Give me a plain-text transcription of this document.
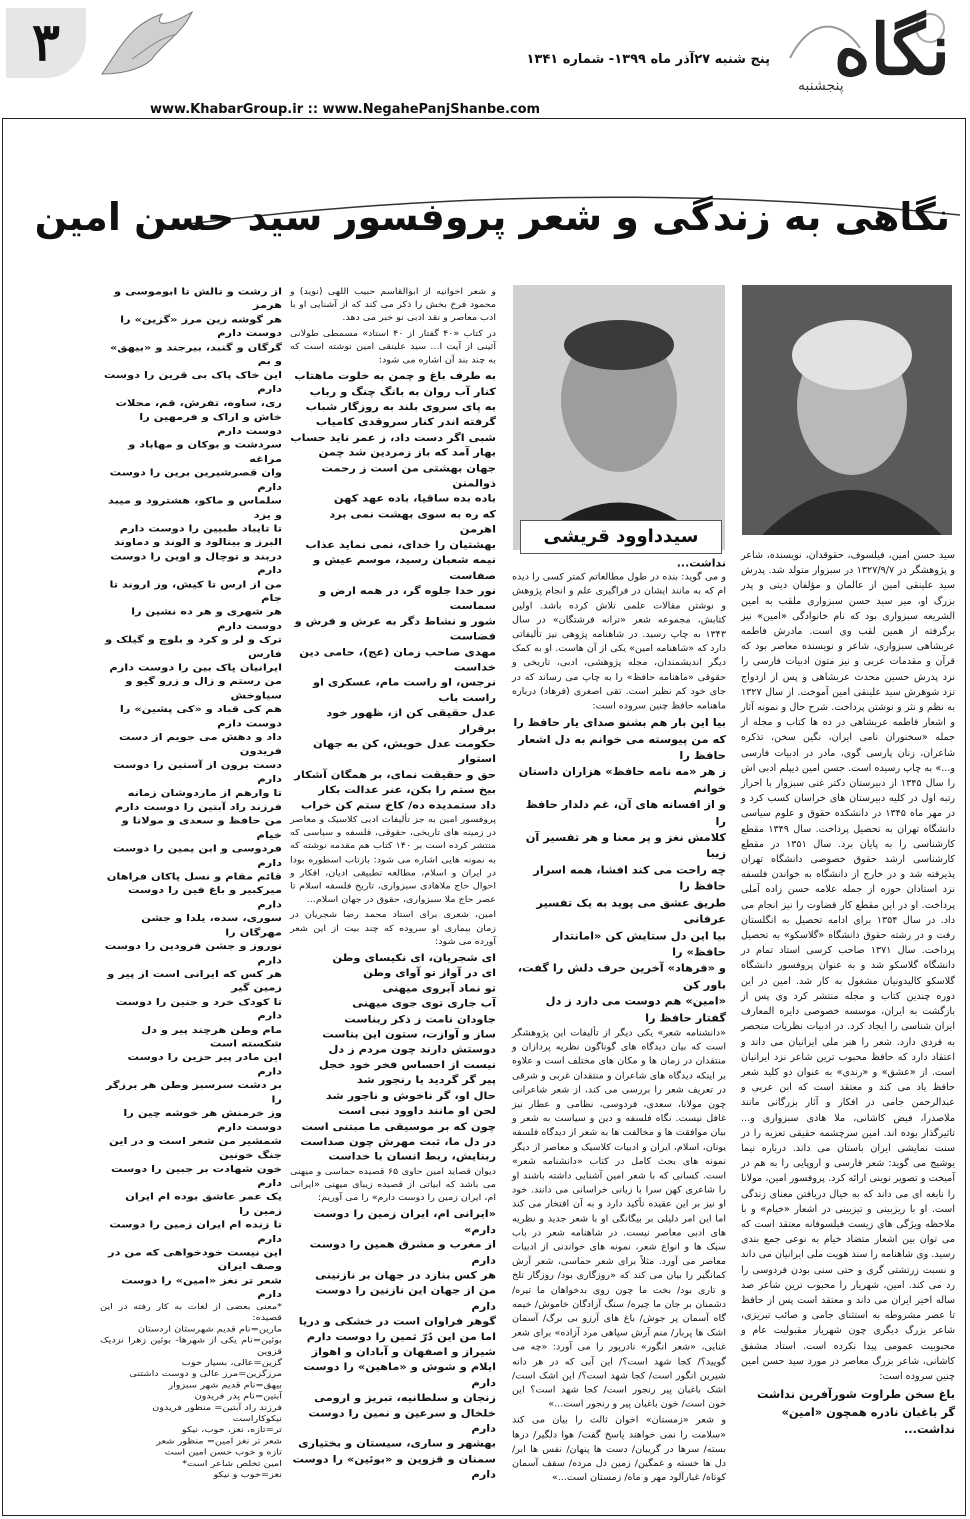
۳	پنج شنبه ۲۷آذر ماه ۱۳۹۹- شماره ۱۳۴۱ نگاه
پنجشنبه
www.KhabarGroup.ir :: www.NegahePanjShanbe.com
نگاهی به زندگی و شعر پروفسور سید حسن امین
سیدداوود قریشی

سید حسن امین، فیلسوف، حقوقدان، نویسنده، شاعر و پژوهشگر در ۱۳۲۷/۹/۷ در سبزوار متولد شد. پدرش سید علینقی امین از عالمان و مؤلفان دینی و پدر بزرگ او، میر سید حسن سبزواری ملقب به امین الشریعه سبزواری بود که نام خانوادگی «امین» نیز برگرفته از همین لقب وی است. مادرش فاطمه عربشاهی سبزواری، شاعر و نویسنده معاصر بود که قرآن و مقدمات عربی و نیز متون ادبیات فارسی را نزد پدرش حسین محدث عربشاهی و پس از ازدواج نزد شوهرش سید علینقی امین آموخت. از سال ۱۳۲۷ به نظم و نثر و نوشتن پرداخت. شرح حال و نمونه آثار و اشعار فاطمه عربشاهی در ده ها کتاب و مجله از جمله «سخنوران نامی ایران، نگین سخن، تذکره شاعران، زنان پارسی گوی، مادر در ادبیات فارسی و...» به چاپ رسیده است. حسن امین دیپلم ادبی اش را سال ۱۳۴۵ از دبیرستان دکتر غنی سبزوار با احراز رتبه اول در کلیه دبیرستان های خراسان کسب کرد و در مهر ماه ۱۳۴۵ در دانشکده حقوق و علوم سیاسی دانشگاه تهران به تحصیل پرداخت. سال ۱۳۴۹ مقطع کارشناسی را به پایان برد. سال ۱۳۵۱ در مقطع کارشناسی ارشد حقوق خصوصی دانشگاه تهران پذیرفته شد و در خارج از دانشگاه به خواندن فلسفه نزد استادان حوزه از جمله علامه حسن زاده آملی پرداخت. او در این مقطع کار قضاوت را نیز انجام می داد. در سال ۱۳۵۴ برای ادامه تحصیل به انگلستان رفت و در رشته حقوق دانشگاه «گلاسکو» به تحصیل پرداخت. سال ۱۳۷۱ صاحب کرسی استاد تمام در دانشگاه گلاسکو شد و به عنوان پروفسور دانشگاه گلاسکو کالیدونیان مشغول به کار شد. امین در این دوره چندین کتاب و مجله منتشر کرد وی پس از بازگشت به ایران، موسسه خصوصی دایره المعارف ایران شناسی را ایجاد کرد. در ادبیات نظریات منحصر به فردی دارد. شعر را هنر ملی ایرانیان می داند و اعتقاد دارد که حافظ محبوب ترین شاعر نزد ایرانیان است. از «عشق» و «رندی» به عنوان دو کلید شعر حافظ یاد می کند و معتقد است که ابن عربی و عبدالرحمن جامی در افکار و آثار بزرگانی مانند ملاصدرا، فیض کاشانی، ملا هادی سبزواری و... تاثیرگذار بوده اند. امین سرچشمه حقیقی تعزیه را در سنت نمایشی ایران باستان می داند. درباره نیما یوشیج می گوید: شعر فارسی و اروپایی را به هم در آمیخت و تصویر نوینی ارائه کرد. پروفسور امین، مولانا را نابغه ای می داند که به خیال دریافتن معنای زندگی است. او با ریزبینی و تیزبینی در اشعار «خیام» و با ملاحظه ویژگی های زیست فیلسوفانه معتقد است که می توان بین اشعار متضاد خیام به نوعی جمع بندی رسید. وی شاهنامه را سند هویت ملی ایرانیان می داند و نسبت زرتشتی گری و حتی سنی بودن فردوسی را رد می کند. امین، شهریار را محبوب ترین شاعر صد ساله اخیر ایران می داند و معتقد است پس از حافظ تا عصر مشروطه به استثنای جامی و صائب تبریزی، شاعر بزرگ دیگری چون شهریار مقبولیت عام و محبوبیت عمومی پیدا نکرده است. استاد مشفق کاشانی، شاعر بزرگ معاصر در مورد سید حسن امین چنین سروده است:

باغ سخن طراوت شورآفرین نداشت
گر باغبان نادره همچون «امین» نداشت...
نداشت...

و می گوید: بنده در طول مطالعاتم کمتر کسی را دیده ام که به مانند ایشان در فراگیری علم و انجام پژوهش و نوشتن مقالات علمی تلاش کرده باشد. اولین کتابش، مجموعه شعر «ترانه فرشتگان» در سال ۱۳۴۳ به چاپ رسید. در شاهنامه پژوهی نیز تألیفاتی دارد که «شاهنامه امین» یکی از آن هاست. او به کمک دیگر اندیشمندان، مجله پژوهشی، ادبی، تاریخی و حقوقی «ماهنامه حافظ» را به چاپ می رساند که در جای خود کم نظیر است. تقی اصغری (فرهاد) درباره ماهنامه حافظ چنین سروده است:

بیا این بار هم بشنو صدای یار حافظ را
که من پیوسته می خوانم به دل اشعار حافظ را
ز هر «مه نامه حافظ» هزاران داستان خوانم
و از افسانه های آن، غم دلدار حافظ را
کلامش نغز و پر معنا و هر تفسیر آن زیبا
چه راحت می کند افشا، همه اسرار حافظ را
طریق عشق می پوید به یک تفسیر عرفانی
بیا این دل ستایش کن «امانتدار حافظ» را
و «فرهاد» آخرین حرف دلش را گفت، باور کن
«امین» هم دوست می دارد ز دل گفتار حافظ را

«دانشنامه شعر» یکی دیگر از تألیفات این پژوهشگر است که بیان دیدگاه های گوناگون نظریه پردازان و منتقدان در زمان ها و مکان های مختلف است و علاوه بر اینکه دیدگاه های شاعران و منتقدان غربی و شرقی در تعریف شعر را بررسی می کند، از شعر شاعرانی چون مولانا، سعدی، فردوسی، نظامی و عطار نیز غافل نیست. نگاه فلسفه و دین و سیاست به شعر و بیان موافقت ها و مخالفت ها به شعر از دیدگاه فلسفه یونان، اسلام، ایران و ادبیات کلاسیک و معاصر از دیگر نمونه های بحث کامل در کتاب «دانشنامه شعر» است. کسانی که با شعر امین آشنایی داشته باشند او را شاعری کهن سرا با زبانی خراسانی می دانند. خود او نیز بر این عقیده تأکید دارد و به آن افتخار می کند اما این امر دلیلی بر بیگانگی او با شعر جدید و نظریه های ادبی معاصر نیست. در شاهنامه شعر در باب سبک ها و انواع شعر، نمونه های خواندنی از ادبیات معاصر می آورد. مثلاً برای شعر حماسی، شعر آرش کمانگیر را بیان می کند که «روزگاری بود/ روزگار تلخ و تاری بود/ بخت ما چون روی بدخواهان ما تیره/ دشمنان بر جان ما چیره/ سنگ آزادگان خاموش/ خیمه گاه آسمان پر جوش/ باغ های آرزو بی برگ/ آسمان اشک ها پربار/ منم آرش سپاهی مرد آزاده» برای شعر غنایی، «شعر انگور» نادرپور را می آورد: «چه می گویید؟/ کجا شهد است؟/ این آبی که در هر دانه شیرین انگور است/ کجا شهد است؟/ این اشک است/ اشک باغبان پیر رنجور است/ کجا شهد است؟ این خون است/ خون باغبان پیر و رنجور است...»

و شعر «زمستان» اخوان ثالث را بیان می کند «سلامت را نمی خواهند پاسخ گفت/ هوا دلگیر/ درها بسته/ سرها در گریبان/ دست ها پنهان/ نفس ها ابر/ دل ها خسته و غمگین/ زمین دل مرده/ سقف آسمان کوتاه/ غبارآلود مهر و ماه/ زمستان است...»

و شعر اخوانیه از ابوالقاسم حبیب اللهی (نوید) و محمود فرخ بخش را ذکر می کند که از آشنایی او با ادب معاصر و نقد ادبی نو خبر می دهد.

در کتاب «۴۰ گفتار از ۴۰ استاد» مسمطی طولانی آئینی از آیت ا... سید علینقی امین نوشته است که به چند بند آن اشاره می شود:

به طرف باغ و چمن به خلوت ماهتاب
کنار آب روان به بانگ چنگ و رباب
به پای سروی بلند به روزگار شباب
گرفته اندر کنار سروقدی کامیاب
شبی اگر دست داد، ز عمر ناید حساب
بهار آمد که باز زمردین شد چمن
جهان بهشتی من است ز رحمت ذوالمنن
باده بده ساقیا، باده عهد کهن
که ره به سوی بهشت نمی برد اهرمن
بهشتیان را خدای، نمی نماید عذاب
نیمه شعبان رسید، موسم عیش و صفاست
نور خدا جلوه گر، در همه ارض و سماست
شور و نشاط دگر به عرش و فرش و فضاست
مهدی صاحب زمان (عج)، حامی دین خداست
نرجس، او راست مام، عسکری او راست باب
عدل حقیقی کن از، ظهور خود برقرار
حکومت عدل خویش، کن به جهان استوار
حق و حقیقت نمای، بر همگان آشکار
بیخ ستم را بکن، عنر عدالت بکار
داد ستمدیده ده/ کاخ ستم کن خراب

پروفسور امین به جز تألیفات ادبی کلاسیک و معاصر در زمینه های تاریخی، حقوقی، فلسفه و سیاسی که منتشر کرده است بر ۱۴۰ کتاب هم مقدمه نوشته که به نمونه هایی اشاره می شود: بازتاب اسطوره بودا در ایران و اسلام، مطالعه تطبیقی ادیان، افکار و احوال حاج ملاهادی سبزواری، تاریخ فلسفه اسلام تا عصر حاج ملا سبزواری، حقوق در جهان اسلام...

امین، شعری برای استاد محمد رضا شجریان در زمان بیماری او سروده که چند بیت از این شعر آورده می شود:

ای شجریان، ای نکیسای وطن
ای در آواز تو آوای وطن
تو نماد آبروی میهنی
آب جاری توی جوی میهنی
جاودان نامت ز ذکر ربناست
ساز و آوازت، ستون این بناست
دوستش دارند چون مردم ز دل
نیست از احساس فخر خود خجل
پیر گر گردید یا رنجور شد
حال او، گر ناخوش و ناجور شد
لحن او مانند داوود نبی است
چون که بر موسیقی ما مبتنی است
در دل ما، ثبت مهرش چون صداست
ربنایش، ربط انسان با خداست

دیوان قصاید امین حاوی ۶۵ قصیده حماسی و میهنی می باشد که ابیاتی از قصیده زیبای میهنی «ایرانی ام، ایران زمین را دوست دارم» را می آوریم:

«ایرانی ام، ایران زمین را دوست دارم»
از مغرب و مشرق همین را دوست دارم
هر کس بنازد در جهان بر نازنینی
من از جهان این نازنین را دوست دارم
گوهر فراوان است در خشکی و دریا
اما من این دُرّ ثمین را دوست دارم
شیراز و اصفهان و آبادان و اهواز
ایلام و شوش و «ماهین» را دوست دارم
زنجان و سلطانیه، تبریز و ارومی
خلخال و سرعین و نمین را دوست دارم
بهشهر و ساری، سیستان و بختیاری
سمنان و قزوین و «بوئین» را دوست دارم
از رشت و تالش تا ابوموسی و هرمز
هر گوشه زین مرز «گزین» را دوست دارم
گرگان و گنبد، بیرجند و «بیهق» و بم
این خاک پاک بی قرین را دوست دارم
ری، ساوه، تفرش، قم، محلات
خاش و اراک و فرمهین را دوست دارم
سردشت و بوکان و مهاباد و مراغه
وان قصرشیرین برین را دوست دارم
سلماس و ماکو، هشترود و میبد و یزد
تا تایباد طبیین را دوست دارم
البرز و بینالود و الوند و دماوند
دربند و توچال و اوین را دوست دارم
من از ارس تا کیش، وز اروند تا جام
هر شهری و هر ده نشین را دوست دارم
ترک و لر و کرد و بلوچ و گیلک و فارس
ایرانیان پاک بین را دوست دارم
من رستم و زال و زرو گیو و سیاوخش
هم کی قباد و «کی پشین» را دوست دارم
داد و دهش می جویم از دست فریدون
دست برون از آستین را دوست دارم
تا وارهم از ماردوشان زمانه
فرزند راد آبتین را دوست دارم
من حافظ و سعدی و مولانا و خیام
فردوسی و ابن یمین را دوست دارم
قائم مقام و نسل پاکان فراهان
میرکبیر و باغ فین را دوست دارم
سوری، سده، یلدا و جشن مهرگان را
نوروز و جشن فرودین را دوست دارم
هر کس که ایرانی است از پیر و زمین گیر
تا کودک خرد و جنین را دوست دارم
مام وطن هرچند پیر و دل شکسته است
این مادر پیر حزین را دوست دارم
بر دشت سرسبز وطن هر برزگر را
وز خرمنش هر خوشه چین را دوست دارم
شمشیر من شعر است و در این جنگ خونین
خون شهادت بر جبین را دوست دارم
یک عمر عاشق بوده ام ایران زمین را
تا زنده ام ایران زمین را دوست دارم
این نیست خودخواهی که من در وصف ایران
شعر تر نغز «امین» را دوست دارم
*معنی بعضی از لغات به کار رفته در این قصیده:
مارین=نام قدیم شهرستان اردستان
بوئین=نام یکی از شهرها- بوئین زهرا نزدیک قزوین
گزین=عالی، بسیار خوب
مرزگزین=مرز عالی و دوست داشتنی
بیهق=نام قدیم شهر سبزوار
آبتین=نام پدر فریدون
فرزند راد آبتین= منظور فریدون
نیکوکاراست
تر=تازه، نغز، خوب، نیکو
شعر تر نغز امین= منظور شعر
تازه و خوب حسن امین است
امین تخلص شاعر است*
نغز=خوب و نیکو
